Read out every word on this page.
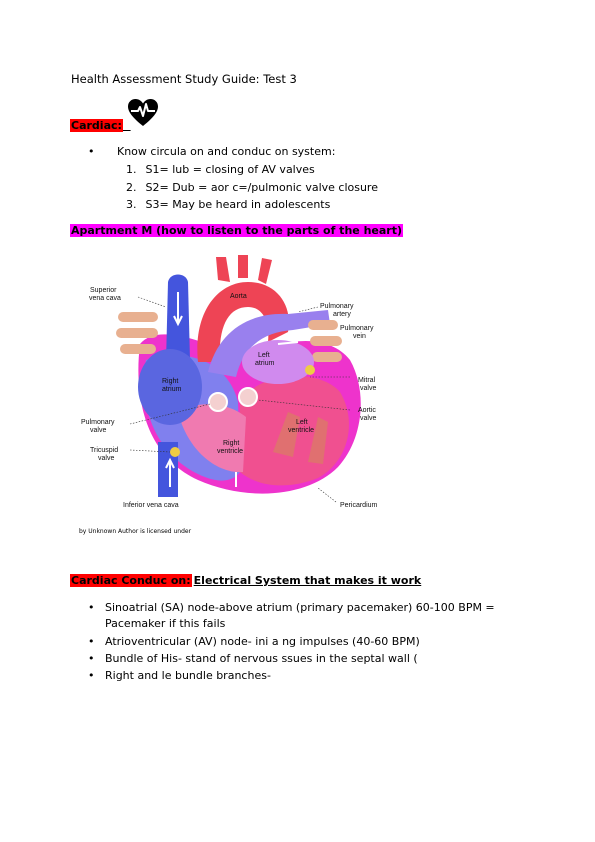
Health Assessment Study Guide: Test 3
Cardiac:
• Know circula on and conduc on system:
1. S1= lub = closing of AV valves
2. S2= Dub = aor c=/pulmonic valve closure
3. S3= May be heard in adolescents
Apartment M (how to listen to the parts of the heart)
Superior
vena cava	Aorta
Pulmonary
artery
Pulmonary
vein
Left
atrium
Right
atrium
Mitral
valve
Aortic
valve
Left
ventricle
Pulmonary
valve
Right
ventricle
Tricuspid
valve
Inferior vena cava	Pericardium
by Unknown Author is licensed under
Cardiac Conduc on: Electrical System that makes it work
• Sinoatrial (SA) node-above atrium (primary pacemaker) 60-100 BPM = Pacemaker if this fails
• Atrioventricular (AV) node- ini a ng impulses (40-60 BPM)
• Bundle of His- stand of nervous ssues in the septal wall (
• Right and le bundle branches-
